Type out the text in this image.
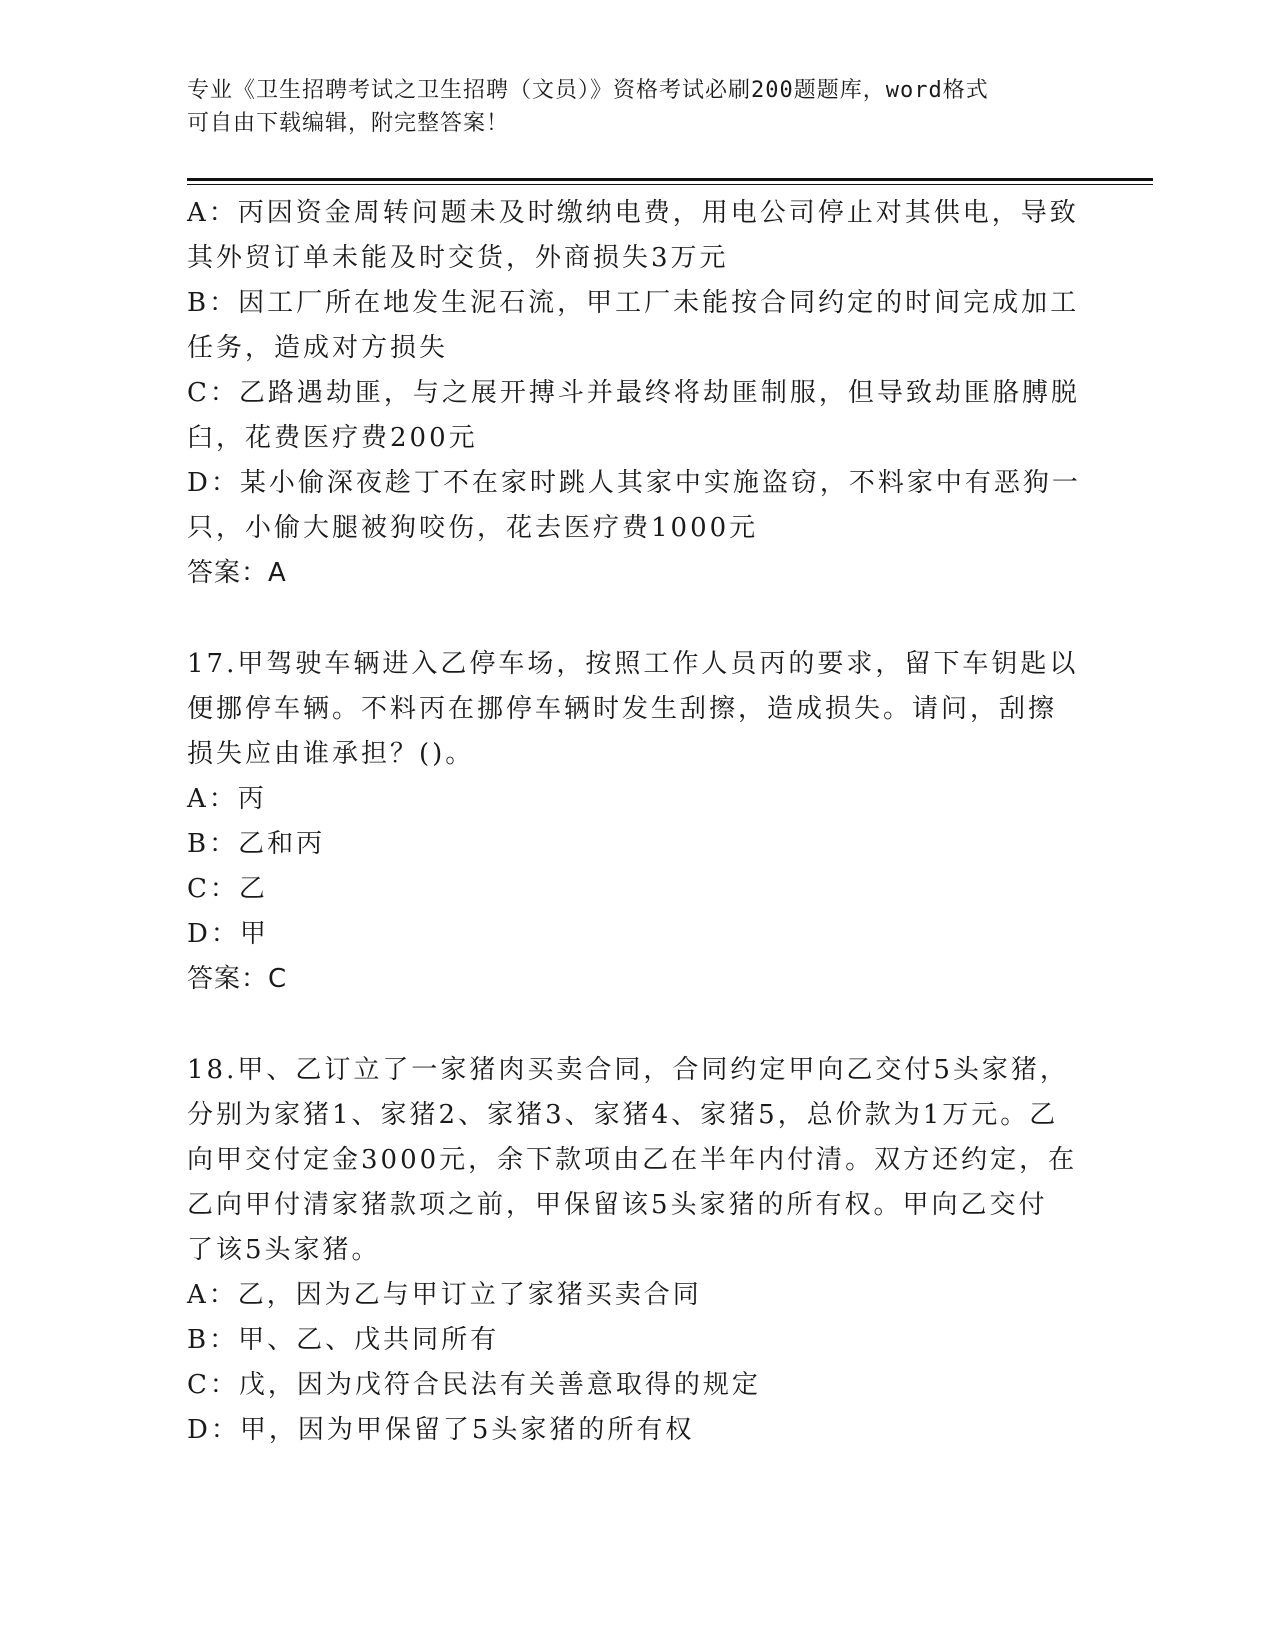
专业《卫生招聘考试之卫生招聘（文员）》资格考试必刷200题题库，word格式
可自由下载编辑，附完整答案！
A：丙因资金周转问题未及时缴纳电费，用电公司停止对其供电，导致
其外贸订单未能及时交货，外商损失3万元
B：因工厂所在地发生泥石流，甲工厂未能按合同约定的时间完成加工
任务，造成对方损失
C：乙路遇劫匪，与之展开搏斗并最终将劫匪制服，但导致劫匪胳膊脱
臼，花费医疗费200元
D：某小偷深夜趁丁不在家时跳人其家中实施盗窃，不料家中有恶狗一
只，小偷大腿被狗咬伤，花去医疗费1000元
答案：A
17.甲驾驶车辆进入乙停车场，按照工作人员丙的要求，留下车钥匙以
便挪停车辆。不料丙在挪停车辆时发生刮擦，造成损失。请问，刮擦
损失应由谁承担？()。
A：丙
B：乙和丙
C：乙
D：甲
答案：C
18.甲、乙订立了一家猪肉买卖合同，合同约定甲向乙交付5头家猪，
分别为家猪1、家猪2、家猪3、家猪4、家猪5，总价款为1万元。乙
向甲交付定金3000元，余下款项由乙在半年内付清。双方还约定，在
乙向甲付清家猪款项之前，甲保留该5头家猪的所有权。甲向乙交付
了该5头家猪。
A：乙，因为乙与甲订立了家猪买卖合同
B：甲、乙、戊共同所有
C：戊，因为戊符合民法有关善意取得的规定
D：甲，因为甲保留了5头家猪的所有权
